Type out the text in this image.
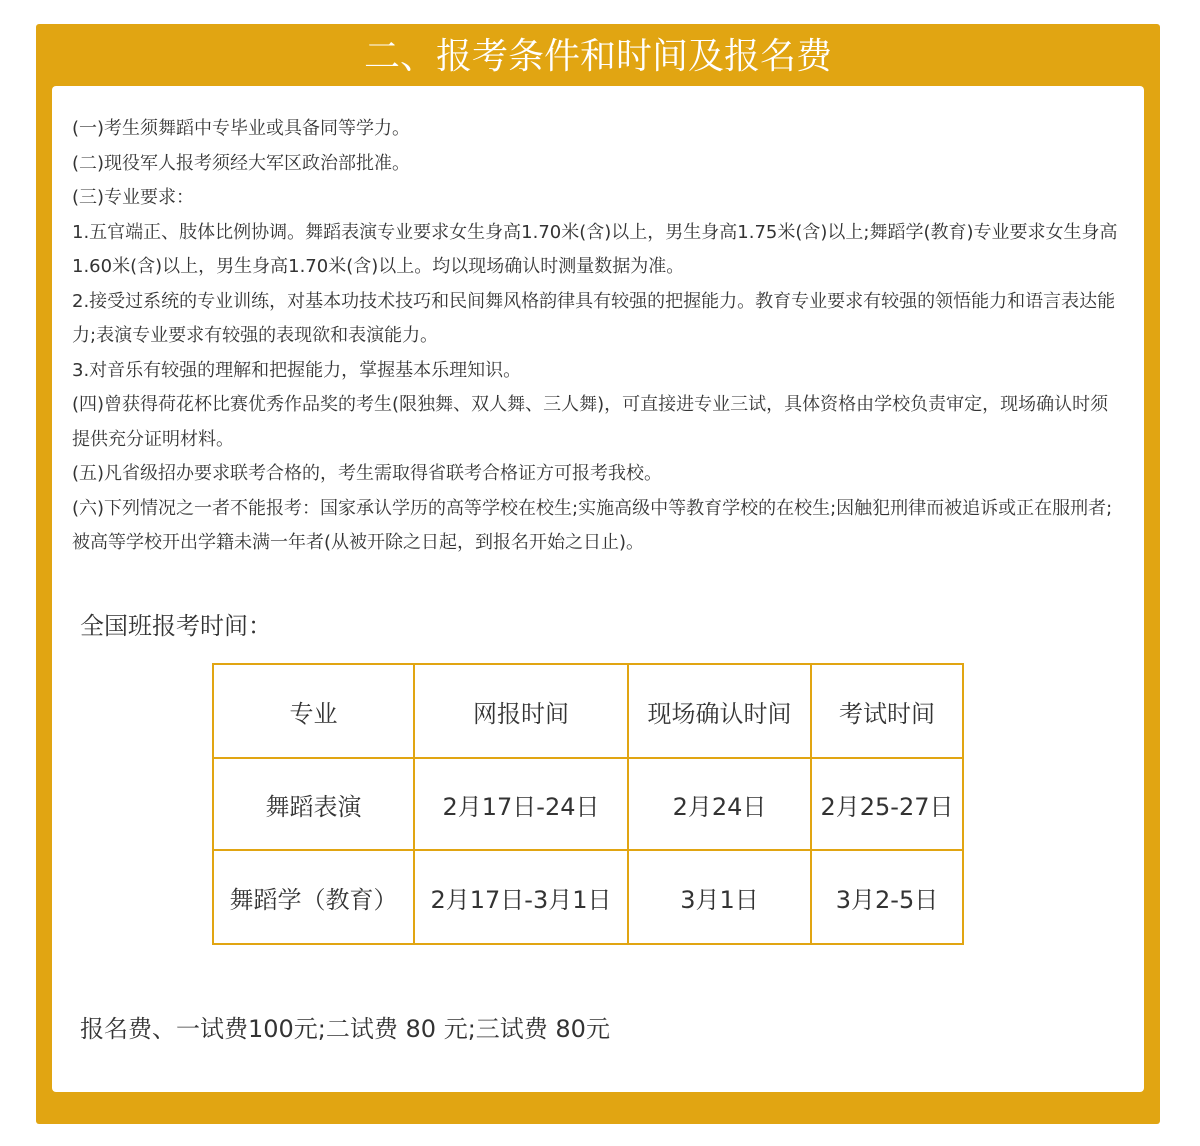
二、报考条件和时间及报名费

(一)考生须舞蹈中专毕业或具备同等学力。

(二)现役军人报考须经大军区政治部批准。

(三)专业要求：

1.五官端正、肢体比例协调。舞蹈表演专业要求女生身高1.70米(含)以上，男生身高1.75米(含)以上;舞蹈学(教育)专业要求女生身高1.60米(含)以上，男生身高1.70米(含)以上。均以现场确认时测量数据为准。

2.接受过系统的专业训练，对基本功技术技巧和民间舞风格韵律具有较强的把握能力。教育专业要求有较强的领悟能力和语言表达能力;表演专业要求有较强的表现欲和表演能力。

3.对音乐有较强的理解和把握能力，掌握基本乐理知识。

(四)曾获得荷花杯比赛优秀作品奖的考生(限独舞、双人舞、三人舞)，可直接进专业三试，具体资格由学校负责审定，现场确认时须提供充分证明材料。

(五)凡省级招办要求联考合格的，考生需取得省联考合格证方可报考我校。

(六)下列情况之一者不能报考：国家承认学历的高等学校在校生;实施高级中等教育学校的在校生;因触犯刑律而被追诉或正在服刑者;被高等学校开出学籍未满一年者(从被开除之日起，到报名开始之日止)。

全国班报考时间：
专业	网报时间	现场确认时间	考试时间
舞蹈表演	2月17日-24日	2月24日	2月25-27日
舞蹈学（教育）	2月17日-3月1日	3月1日	3月2-5日
报名费、一试费100元;二试费 80 元;三试费 80元
